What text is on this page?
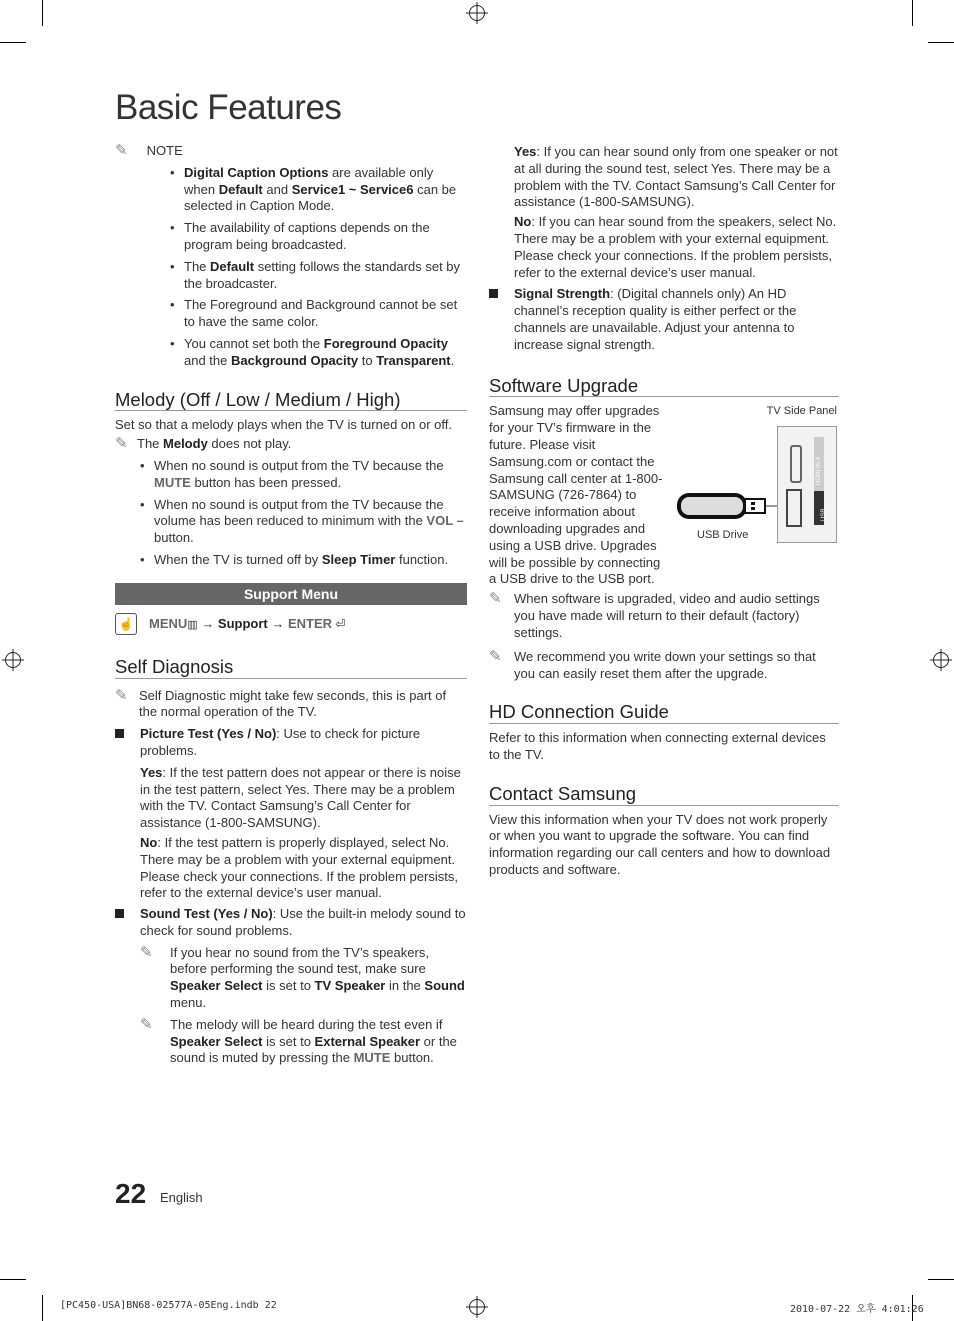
Basic Features
✎ NOTE
• Digital Caption Options are available only when Default and Service1 ~ Service6 can be selected in Caption Mode.
• The availability of captions depends on the program being broadcasted.
• The Default setting follows the standards set by the broadcaster.
• The Foreground and Background cannot be set to have the same color.
• You cannot set both the Foreground Opacity and the Background Opacity to Transparent.
Melody (Off / Low / Medium / High)

Set so that a melody plays when the TV is turned on or off.

✎ The Melody does not play.
• When no sound is output from the TV because the MUTE button has been pressed.
• When no sound is output from the TV because the volume has been reduced to minimum with the VOL – button.
• When the TV is turned off by Sleep Timer function.
Support Menu
☝ MENU▥ → Support → ENTER ⏎
Self Diagnosis
✎ Self Diagnostic might take few seconds, this is part of the normal operation of the TV.
Picture Test (Yes / No): Use to check for picture problems.
Yes: If the test pattern does not appear or there is noise in the test pattern, select Yes. There may be a problem with the TV. Contact Samsung’s Call Center for assistance (1-800-SAMSUNG).
No: If the test pattern is properly displayed, select No. There may be a problem with your external equipment. Please check your connections. If the problem persists, refer to the external device’s user manual.
Sound Test (Yes / No): Use the built-in melody sound to check for sound problems.
✎	If you hear no sound from the TV’s speakers, before performing the sound test, make sure Speaker Select is set to TV Speaker in the Sound menu.
✎	The melody will be heard during the test even if Speaker Select is set to External Speaker or the sound is muted by pressing the MUTE button.
Yes: If you can hear sound only from one speaker or not at all during the sound test, select Yes. There may be a problem with the TV. Contact Samsung’s Call Center for assistance (1-800-SAMSUNG).
No: If you can hear sound from the speakers, select No. There may be a problem with your external equipment. Please check your connections. If the problem persists, refer to the external device’s user manual.
Signal Strength: (Digital channels only) An HD channel’s reception quality is either perfect or the channels are unavailable. Adjust your antenna to increase signal strength.
Software Upgrade

Samsung may offer upgrades for your TV’s firmware in the future. Please visit Samsung.com or contact the Samsung call center at 1-800-SAMSUNG (726-7864) to receive information about downloading upgrades and using a USB drive. Upgrades will be possible by connecting a USB drive to the USB port.

TV Side Panel
HDMI IN 4
USB
USB Drive
✎ When software is upgraded, video and audio settings you have made will return to their default (factory) settings.
✎ We recommend you write down your settings so that you can easily reset them after the upgrade.
HD Connection Guide

Refer to this information when connecting external devices to the TV.

Contact Samsung

View this information when your TV does not work properly or when you want to upgrade the software. You can find information regarding our call centers and how to download products and software.

22 English
[PC450-USA]BN68-02577A-05Eng.indb 22	2010-07-22 오후 4:01:26
